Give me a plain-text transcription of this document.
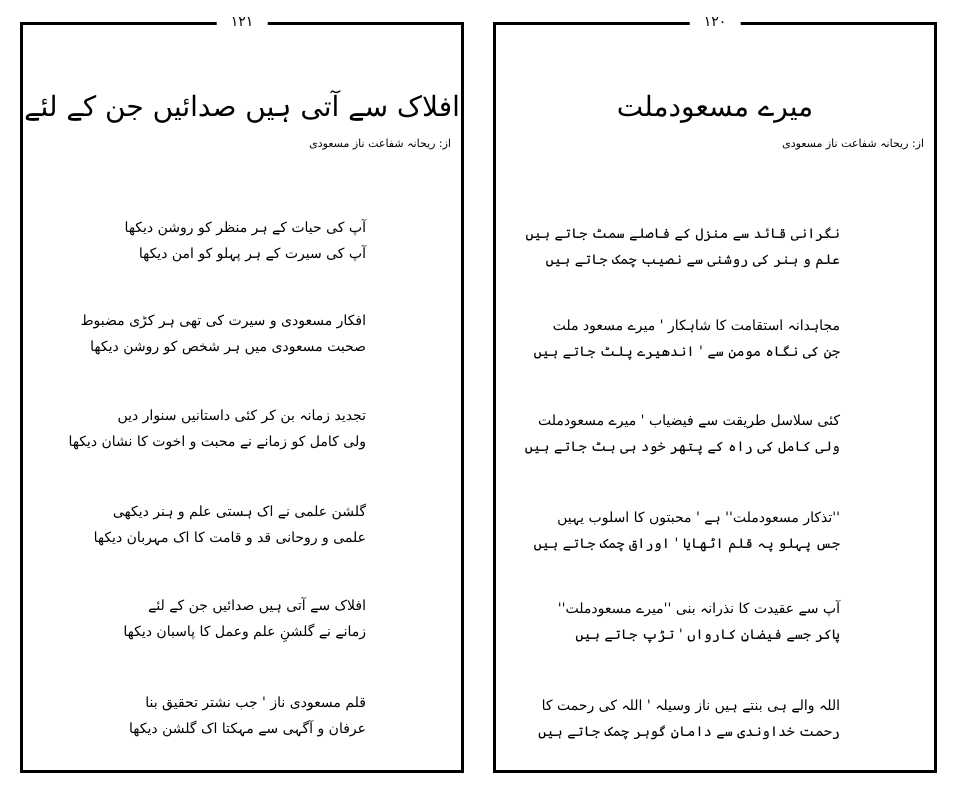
١٢١
افلاک سے آتی ہیں صدائیں جن کے لئے
از: ریحانہ شفاعت ناز مسعودی
آپ کی حیات کے ہر منظر کو روشن دیکھا
آپ کی سیرت کے ہر پہلو کو امن دیکھا
افکار مسعودی و سیرت کی تھی ہر کڑی مضبوط
صحبت مسعودی میں ہر شخص کو روشن دیکھا
تجدید زمانہ بن کر کئی داستانیں سنوار دیں
ولی کامل کو زمانے نے محبت و اخوت کا نشان دیکھا
گلشن علمی نے اک ہستی علم و ہنر دیکھی
علمی و روحانی قد و قامت کا اک مہربان دیکھا
افلاک سے آتی ہیں صدائیں جن کے لئے
زمانے نے گلشنِ علم وعمل کا پاسبان دیکھا
قلم مسعودی ناز ' جب نشتر تحقیق بنا
عرفان و آگہی سے مہکتا اک گلشن دیکھا
١٢٠
میرے مسعودملت
از: ریحانہ شفاعت ناز مسعودی
نگرانی قائد سے منزل کے فاصلے سمٹ جاتے ہیں
علم و ہنر کی روشنی سے نصیب چمک جاتے ہیں
مجاہدانہ استقامت کا شاہکار ' میرے مسعود ملت
جن کی نگاہ مومن سے ' اندھیرے پلٹ جاتے ہیں
کئی سلاسل طریقت سے فیضیاب ' میرے مسعودملت
ولی کامل کی راہ کے پتھر خود ہی ہٹ جاتے ہیں
''تذکار مسعودملت'' ہے ' محبتوں کا اسلوب یہیں
جس پہلو پہ قلم اٹھایا ' اوراق چمک جاتے ہیں
آپ سے عقیدت کا نذرانہ بنی ''میرے مسعودملت''
پاکر جسے فیضانِ کارواں ' تڑپ جاتے ہیں
اللہ والے ہی بنتے ہیں ناز وسیلہ ' اللہ کی رحمت کا
رحمت خداوندی سے دامانِ گوہر چمک جاتے ہیں
